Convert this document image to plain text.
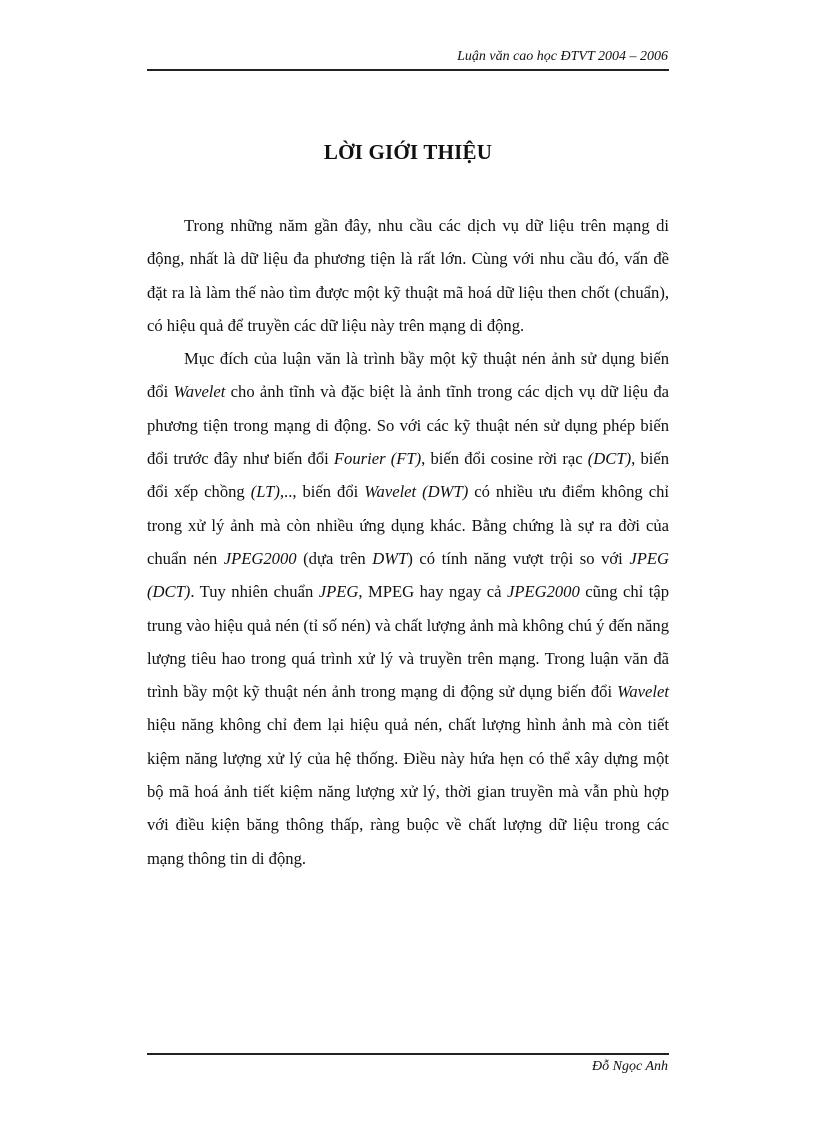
Luận văn cao học ĐTVT 2004 – 2006
LỜI GIỚI THIỆU

Trong những năm gần đây, nhu cầu các dịch vụ dữ liệu trên mạng di động, nhất là dữ liệu đa phương tiện là rất lớn. Cùng với nhu cầu đó, vấn đề đặt ra là làm thế nào tìm được một kỹ thuật mã hoá dữ liệu then chốt (chuẩn), có hiệu quả để truyền các dữ liệu này trên mạng di động.

Mục đích của luận văn là trình bầy một kỹ thuật nén ảnh sử dụng biến đổi Wavelet cho ảnh tĩnh và đặc biệt là ảnh tĩnh trong các dịch vụ dữ liệu đa phương tiện trong mạng di động. So với các kỹ thuật nén sử dụng phép biến đổi trước đây như biến đổi Fourier (FT), biến đổi cosine rời rạc (DCT), biến đổi xếp chồng (LT),.., biến đổi Wavelet (DWT) có nhiều ưu điểm không chỉ trong xử lý ảnh mà còn nhiều ứng dụng khác. Bằng chứng là sự ra đời của chuẩn nén JPEG2000 (dựa trên DWT) có tính năng vượt trội so với JPEG (DCT). Tuy nhiên chuẩn JPEG, MPEG hay ngay cả JPEG2000 cũng chỉ tập trung vào hiệu quả nén (tỉ số nén) và chất lượng ảnh mà không chú ý đến năng lượng tiêu hao trong quá trình xử lý và truyền trên mạng. Trong luận văn đã trình bầy một kỹ thuật nén ảnh trong mạng di động sử dụng biến đổi Wavelet hiệu năng không chỉ đem lại hiệu quả nén, chất lượng hình ảnh mà còn tiết kiệm năng lượng xử lý của hệ thống. Điều này hứa hẹn có thể xây dựng một bộ mã hoá ảnh tiết kiệm năng lượng xử lý, thời gian truyền mà vẫn phù hợp với điều kiện băng thông thấp, ràng buộc về chất lượng dữ liệu trong các mạng thông tin di động.

Đỗ Ngọc Anh
